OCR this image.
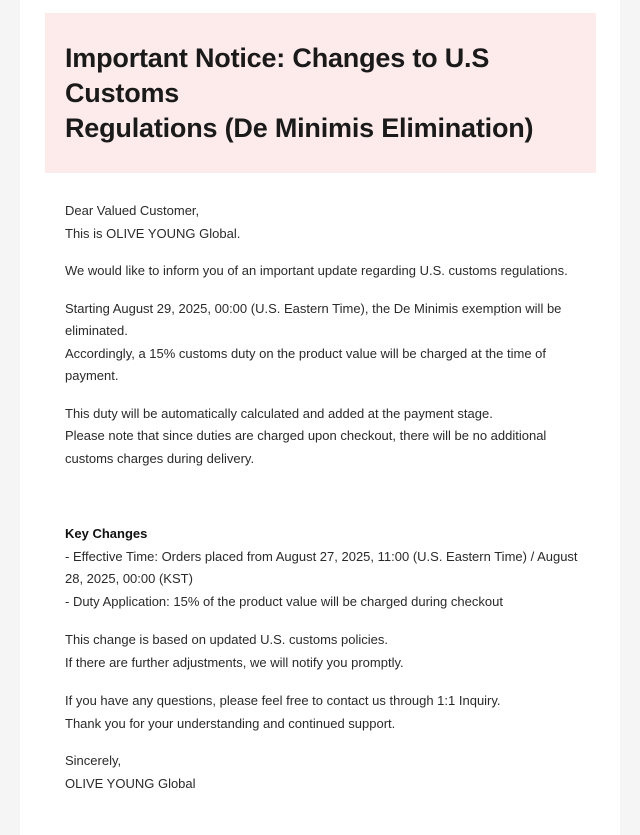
Important Notice: Changes to U.S
Customs
Regulations (De Minimis Elimination)

Dear Valued Customer,

This is OLIVE YOUNG Global.

We would like to inform you of an important update regarding U.S. customs regulations.

Starting August 29, 2025, 00:00 (U.S. Eastern Time), the De Minimis exemption will be eliminated.

Accordingly, a 15% customs duty on the product value will be charged at the time of payment.

This duty will be automatically calculated and added at the payment stage.

Please note that since duties are charged upon checkout, there will be no additional customs charges during delivery.

Key Changes

- Effective Time: Orders placed from August 27, 2025, 11:00 (U.S. Eastern Time) / August 28, 2025, 00:00 (KST)

- Duty Application: 15% of the product value will be charged during checkout

This change is based on updated U.S. customs policies.

If there are further adjustments, we will notify you promptly.

If you have any questions, please feel free to contact us through 1:1 Inquiry.

Thank you for your understanding and continued support.

Sincerely,

OLIVE YOUNG Global
